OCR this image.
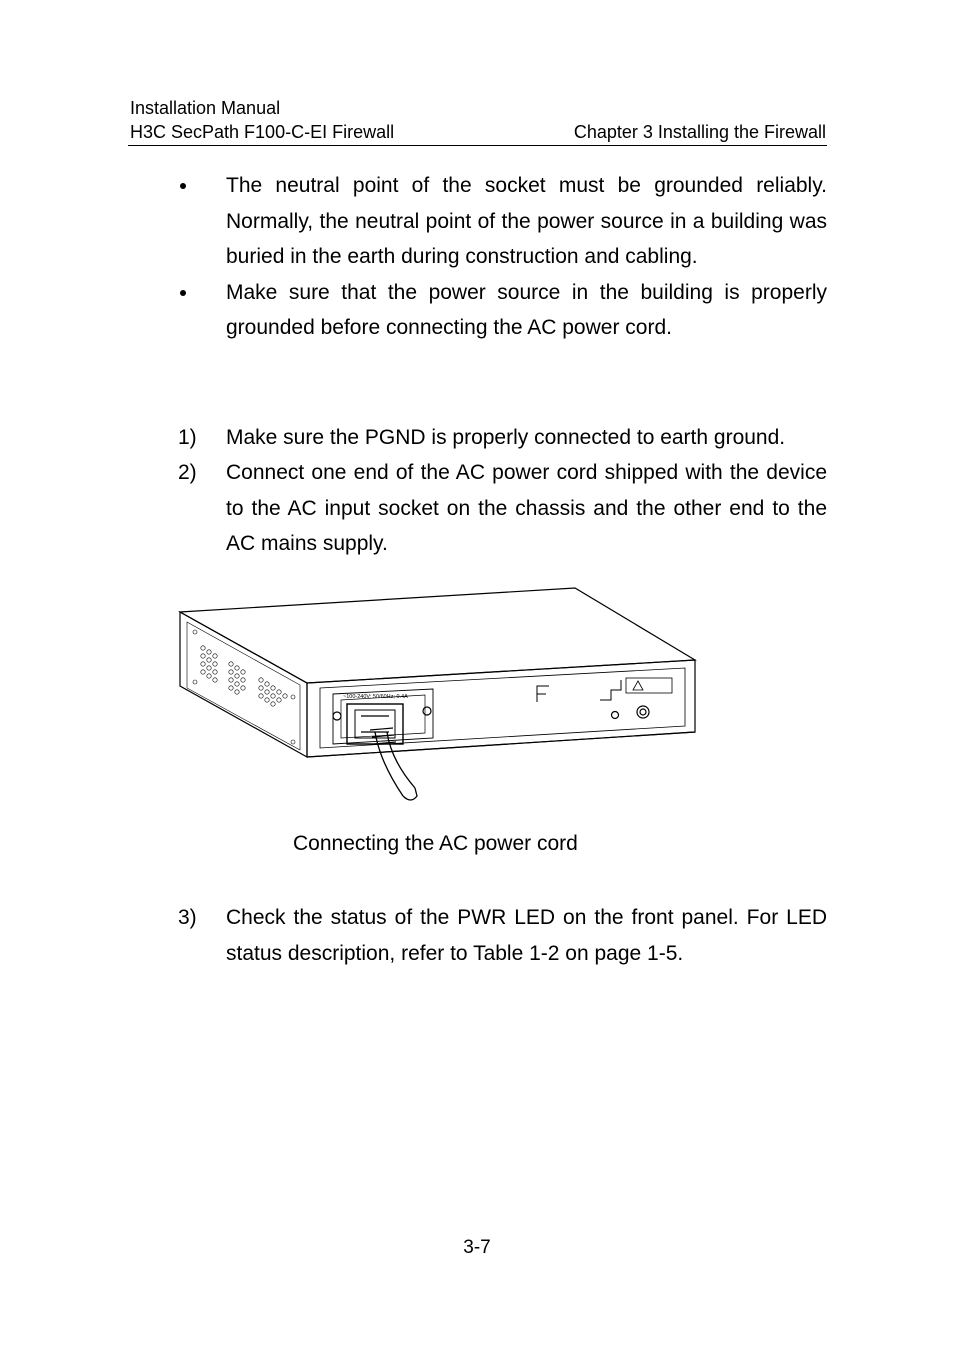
Installation Manual
H3C SecPath F100-C-EI Firewall	Chapter 3 Installing the Firewall
The neutral point of the socket must be grounded reliably. Normally, the neutral point of the power source in a building was buried in the earth during construction and cabling.
Make sure that the power source in the building is properly grounded before connecting the AC power cord.
1)	Make sure the PGND is properly connected to earth ground.
2)	Connect one end of the AC power cord shipped with the device to the AC input socket on the chassis and the other end to the AC mains supply.
~100-240V; 50/60Hz; 0.4A
Connecting the AC power cord
3)	Check the status of the PWR LED on the front panel. For LED status description, refer to Table 1-2 on page 1-5.
3-7
